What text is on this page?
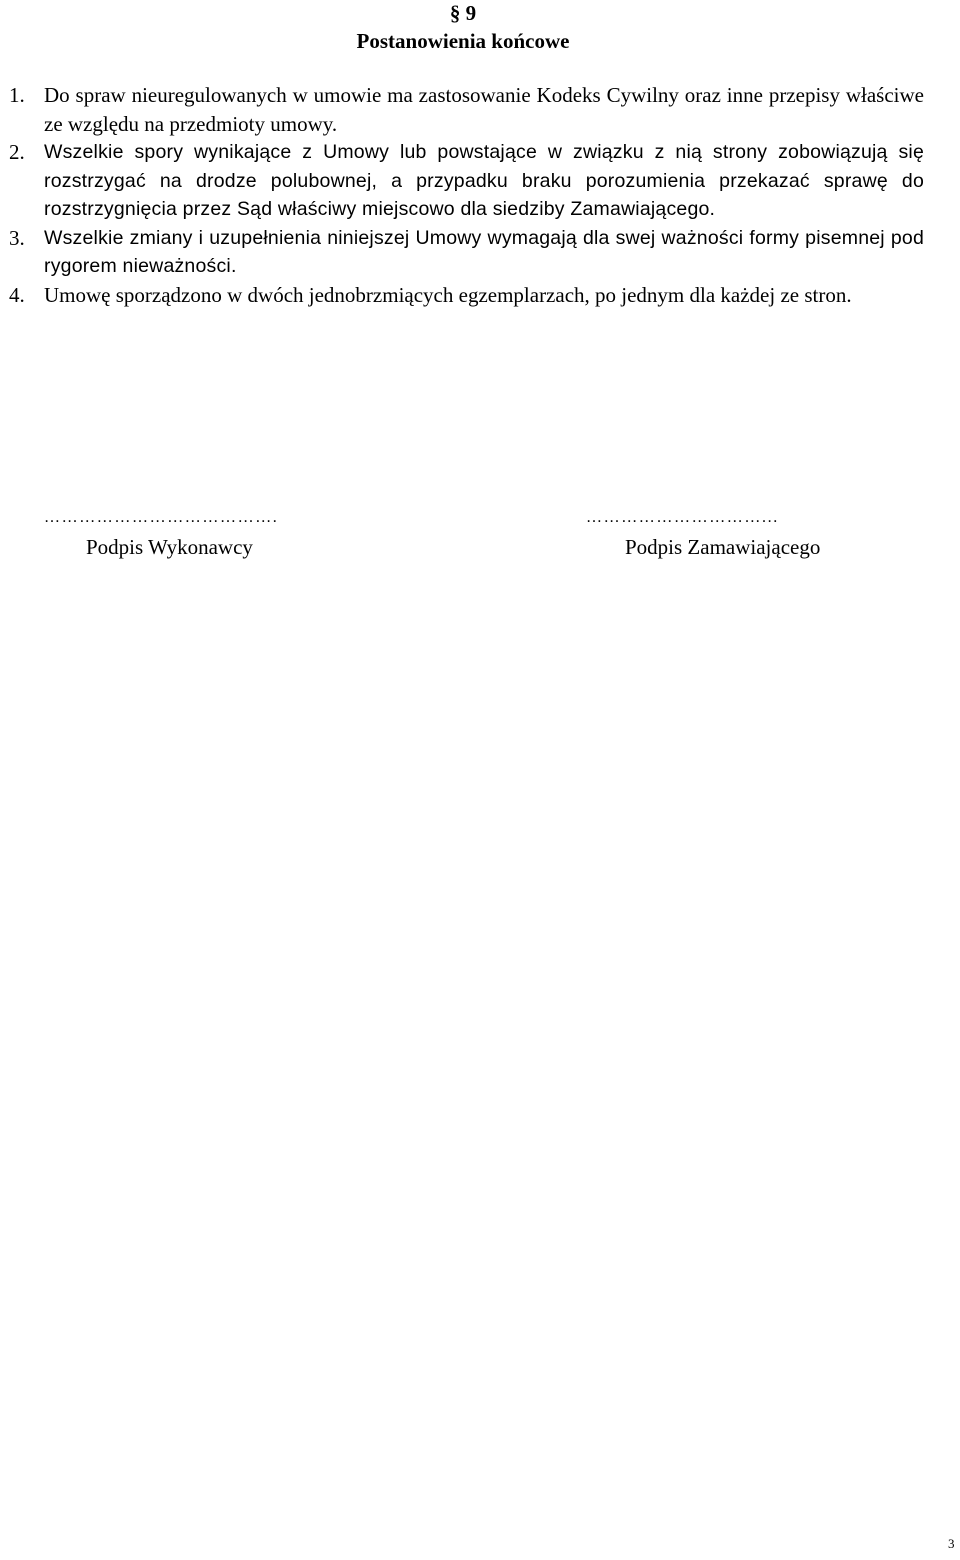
§ 9
Postanowienia końcowe
1. Do spraw nieuregulowanych w umowie ma zastosowanie Kodeks Cywilny oraz inne przepisy właściwe ze względu na przedmioty umowy.
2. Wszelkie spory wynikające z Umowy lub powstające w związku z nią strony zobowiązują się rozstrzygać na drodze polubownej, a przypadku braku porozumienia przekazać sprawę do rozstrzygnięcia przez Sąd właściwy miejscowo dla siedziby Zamawiającego.
3. Wszelkie zmiany i uzupełnienia niniejszej Umowy wymagają dla swej ważności formy pisemnej pod rygorem nieważności.
4. Umowę sporządzono w dwóch jednobrzmiących egzemplarzach, po jednym dla każdej ze stron.
………………………………….	…………………………...
Podpis Wykonawcy	Podpis Zamawiającego
3
